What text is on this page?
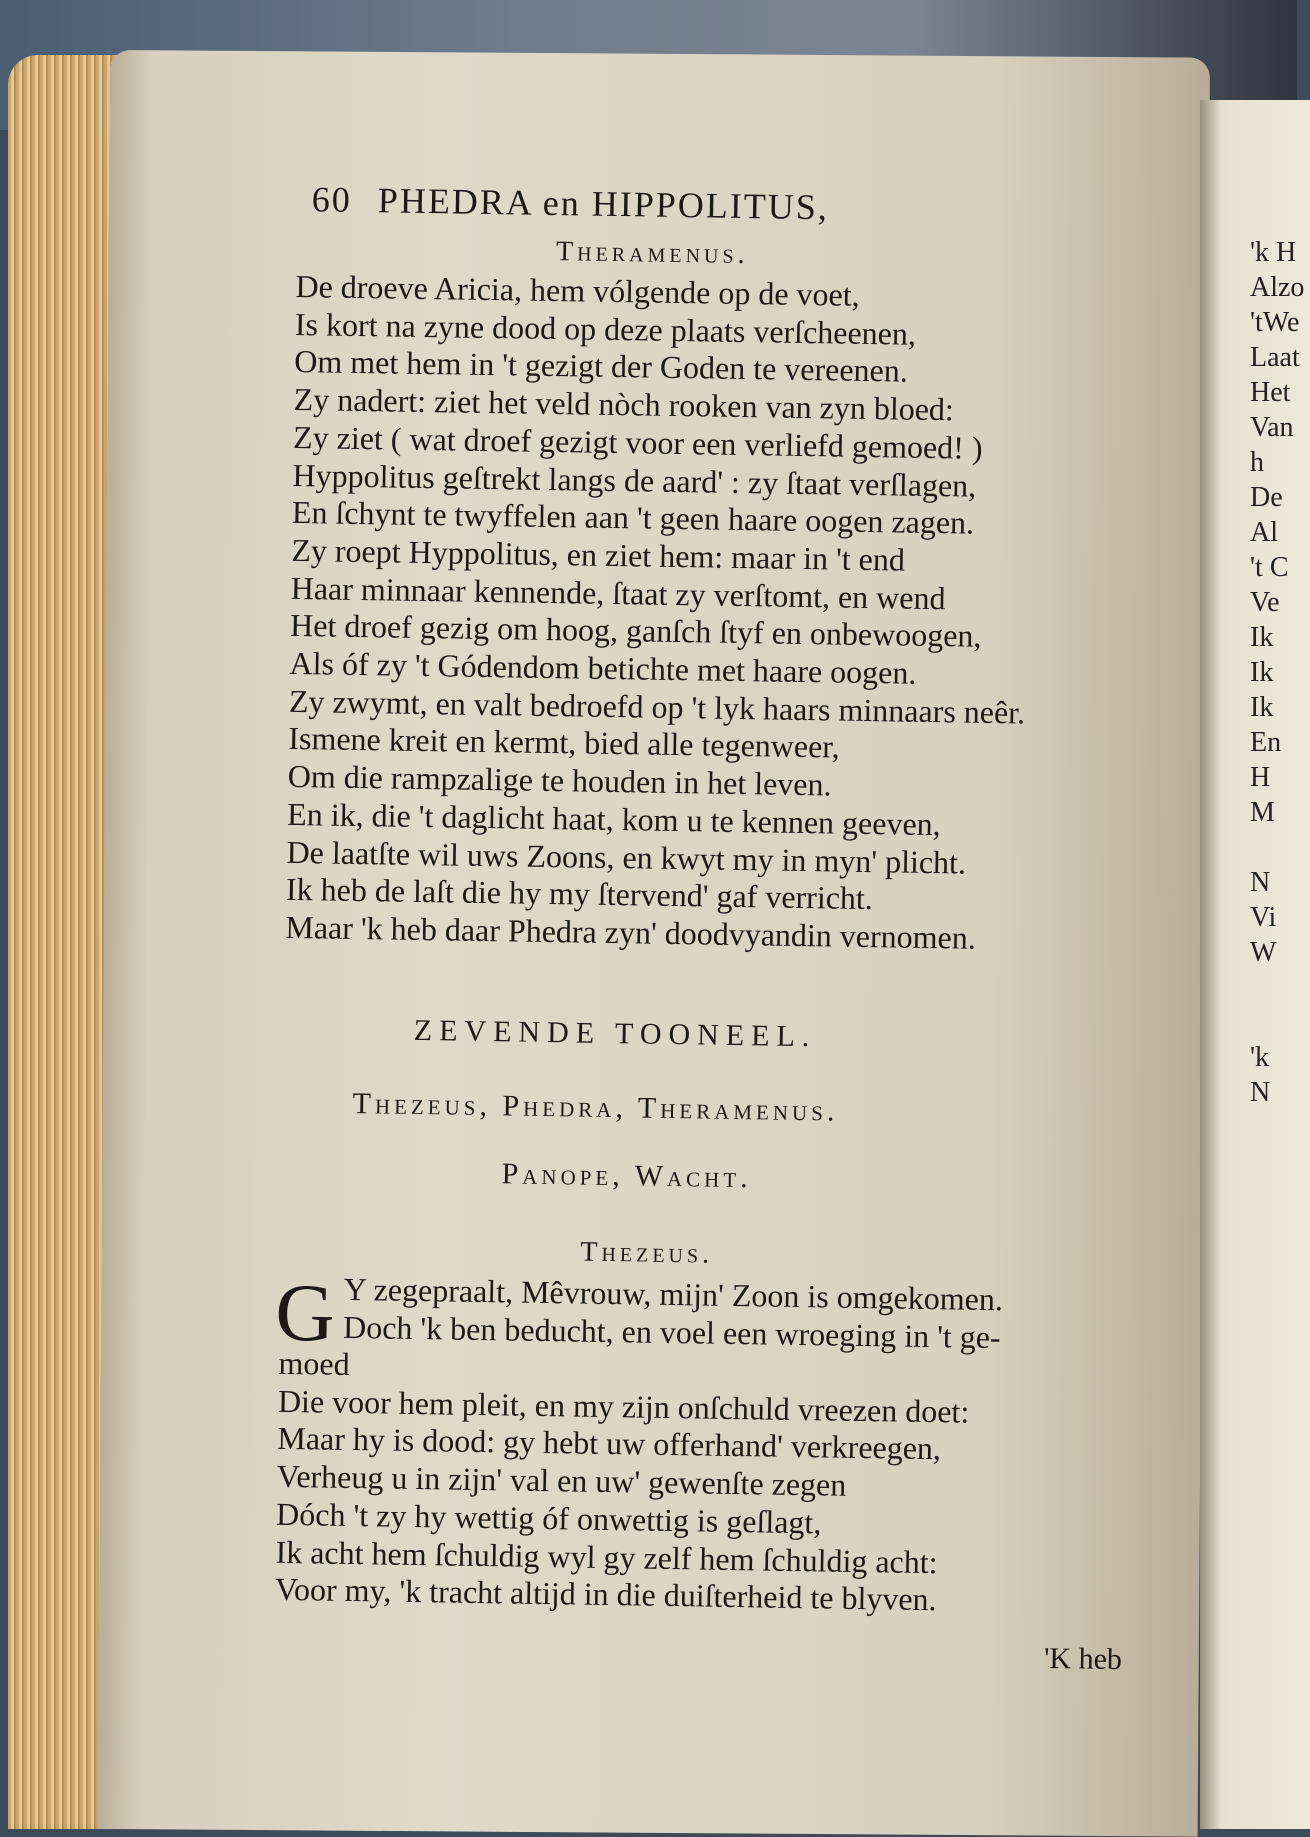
60 PHEDRA en HIPPOLITUS,
Theramenus.
De droeve Aricia, hem vólgende op de voet,
Is kort na zyne dood op deze plaats verſcheenen,
Om met hem in 't gezigt der Goden te vereenen.
Zy nadert: ziet het veld nòch rooken van zyn bloed:
Zy ziet ( wat droef gezigt voor een verliefd gemoed! )
Hyppolitus geſtrekt langs de aard' : zy ſtaat verſlagen,
En ſchynt te twyffelen aan 't geen haare oogen zagen.
Zy roept Hyppolitus, en ziet hem: maar in 't end
Haar minnaar kennende, ſtaat zy verſtomt, en wend
Het droef gezig om hoog, ganſch ſtyf en onbewoogen,
Als óf zy 't Gódendom betichte met haare oogen.
Zy zwymt, en valt bedroefd op 't lyk haars minnaars neêr.
Ismene kreit en kermt, bied alle tegenweer,
Om die rampzalige te houden in het leven.
En ik, die 't daglicht haat, kom u te kennen geeven,
De laatſte wil uws Zoons, en kwyt my in myn' plicht.
Ik heb de laſt die hy my ſtervend' gaf verricht.
Maar 'k heb daar Phedra zyn' doodvyandin vernomen.
ZEVENDE TOONEEL.
Thezeus, Phedra, Theramenus.
Panope, Wacht.
Thezeus.
G Y zegepraalt, Mêvrouw, mijn' Zoon is omgekomen.
Doch 'k ben beducht, en voel een wroeging in 't ge-
moed
Die voor hem pleit, en my zijn onſchuld vreezen doet:
Maar hy is dood: gy hebt uw offerhand' verkreegen,
Verheug u in zijn' val en uw' gewenſte zegen
Dóch 't zy hy wettig óf onwettig is geſlagt,
Ik acht hem ſchuldig wyl gy zelf hem ſchuldig acht:
Voor my, 'k tracht altijd in die duiſterheid te blyven.
'K heb
'k H
Alzo
'tWe
Laat
Het
Van
h
De
Al
't C
Ve
Ik
Ik
Ik
En
H
M

N
Vi
W

'k
N
